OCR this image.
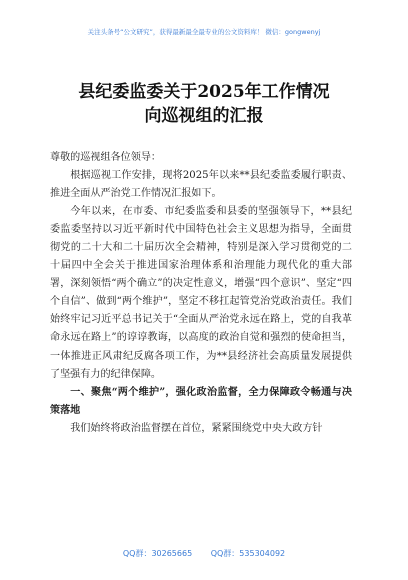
关注头条号“公文研究”，获得最新最全最专业的公文资料库！ 微信：gongwenyj
县纪委监委关于2025年工作情况向巡视组的汇报

尊敬的巡视组各位领导：

根据巡视工作安排，现将2025年以来**县纪委监委履行职责、推进全面从严治党工作情况汇报如下。

今年以来，在市委、市纪委监委和县委的坚强领导下，**县纪委监委坚持以习近平新时代中国特色社会主义思想为指导，全面贯彻党的二十大和二十届历次全会精神，特别是深入学习贯彻党的二十届四中全会关于推进国家治理体系和治理能力现代化的重大部署，深刻领悟“两个确立”的决定性意义，增强“四个意识”、坚定“四个自信”、做到“两个维护”，坚定不移扛起管党治党政治责任。我们始终牢记习近平总书记关于“全面从严治党永远在路上，党的自我革命永远在路上”的谆谆教诲，以高度的政治自觉和强烈的使命担当，一体推进正风肃纪反腐各项工作，为**县经济社会高质量发展提供了坚强有力的纪律保障。

一、聚焦“两个维护”，强化政治监督，全力保障政令畅通与决策落地

我们始终将政治监督摆在首位，紧紧围绕党中央大政方针

QQ群：30265665 QQ群：535304092
